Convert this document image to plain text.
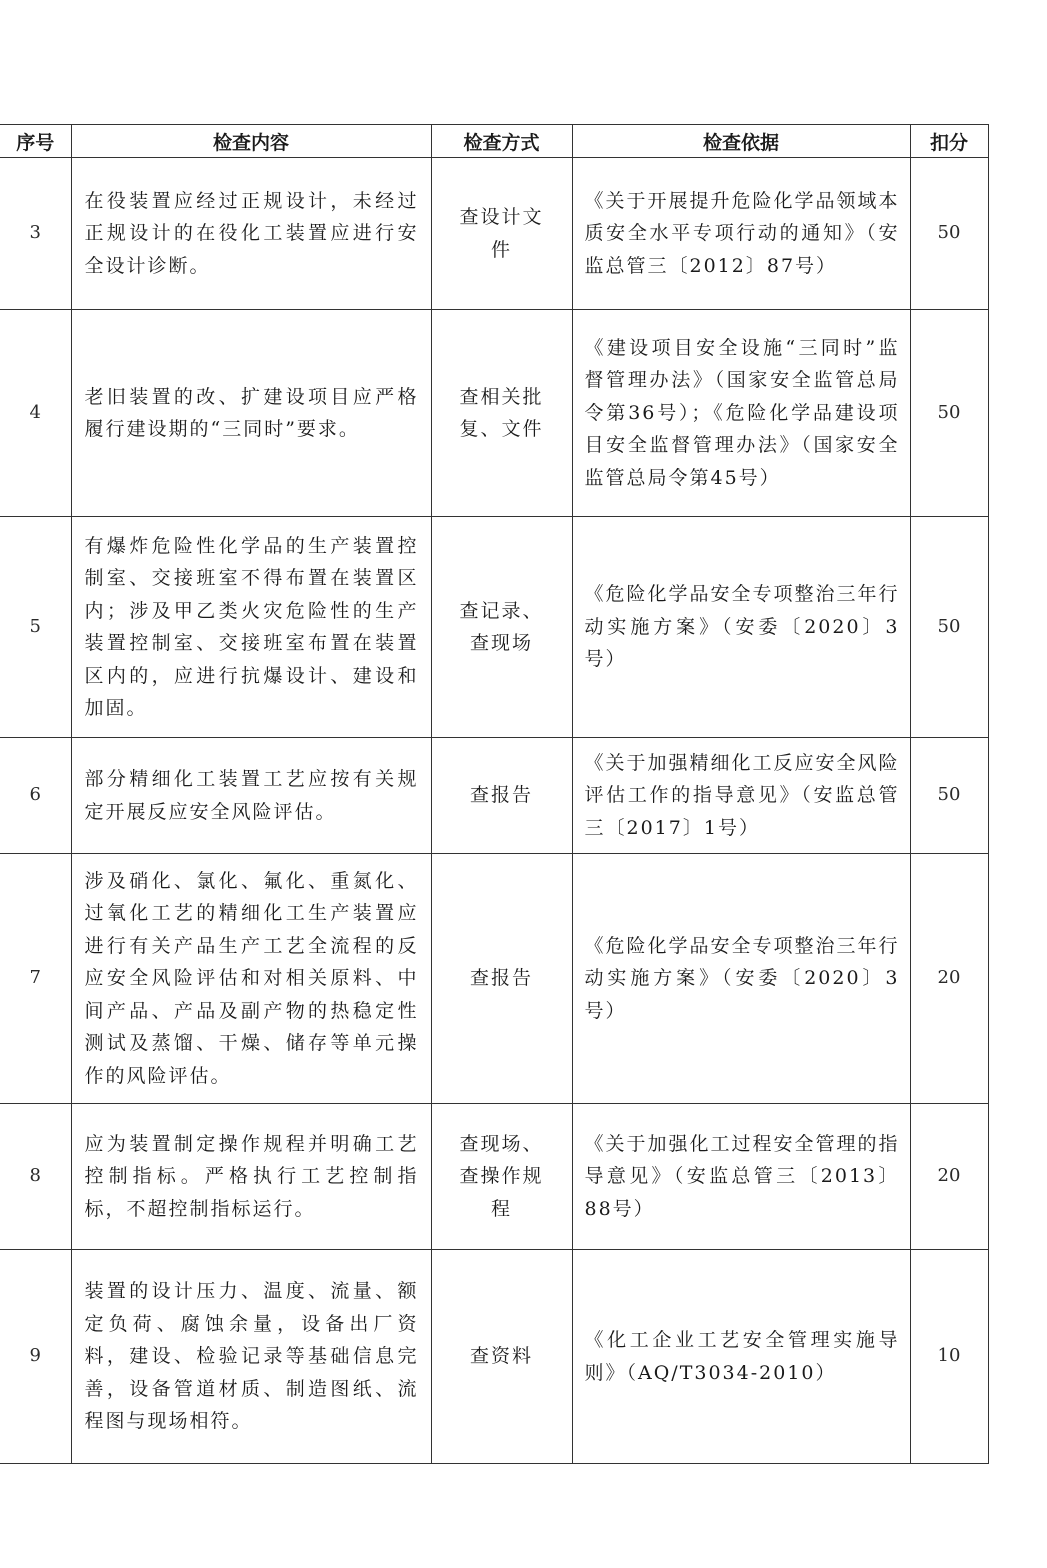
序号	检查内容	检查方式	检查依据	扣分
3	在役装置应经过正规设计，未经过正规设计的在役化工装置应进行安全设计诊断。	查设计文件	《关于开展提升危险化学品领域本质安全水平专项行动的通知》（安监总管三〔2012〕87号）	50
4	老旧装置的改、扩建设项目应严格履行建设期的“三同时”要求。	查相关批复、文件	《建设项目安全设施“三同时”监督管理办法》（国家安全监管总局令第36号）；《危险化学品建设项目安全监督管理办法》（国家安全监管总局令第45号）	50
5	有爆炸危险性化学品的生产装置控制室、交接班室不得布置在装置区内；涉及甲乙类火灾危险性的生产装置控制室、交接班室布置在装置区内的，应进行抗爆设计、建设和加固。	查记录、查现场	《危险化学品安全专项整治三年行动实施方案》（安委〔2020〕3号）	50
6	部分精细化工装置工艺应按有关规定开展反应安全风险评估。	查报告	《关于加强精细化工反应安全风险评估工作的指导意见》（安监总管三〔2017〕1号）	50
7	涉及硝化、氯化、氟化、重氮化、过氧化工艺的精细化工生产装置应进行有关产品生产工艺全流程的反应安全风险评估和对相关原料、中间产品、产品及副产物的热稳定性测试及蒸馏、干燥、储存等单元操作的风险评估。	查报告	《危险化学品安全专项整治三年行动实施方案》（安委〔2020〕3号）	20
8	应为装置制定操作规程并明确工艺控制指标。严格执行工艺控制指标，不超控制指标运行。	查现场、查操作规程	《关于加强化工过程安全管理的指导意见》（安监总管三〔2013〕88号）	20
9	装置的设计压力、温度、流量、额定负荷、腐蚀余量，设备出厂资料，建设、检验记录等基础信息完善，设备管道材质、制造图纸、流程图与现场相符。	查资料	《化工企业工艺安全管理实施导则》（AQ/T3034-2010）	10
